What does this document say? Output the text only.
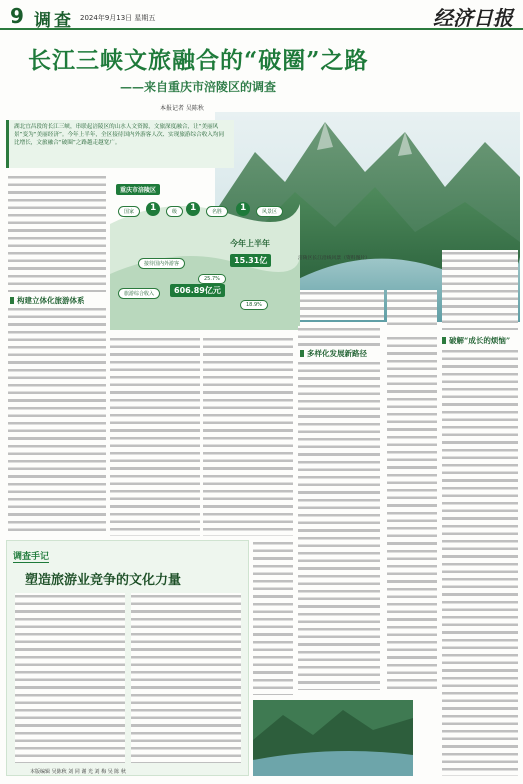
9 调查 2024年9月13日 星期五	经济日报
长江三峡文旅融合的“破圈”之路
——来自重庆市涪陵区的调查
本报记者 吴陈秋
湖北宜昌段的长江三峡，串联起涪陵区的山水人文资源，文旅深度融合，让“美丽风景”变为“美丽经济”。今年上半年，全区接待国内外游客人次、实现旅游综合收入均同比增长，文旅融合“破圈”之路越走越宽广。
构建立体化旅游体系
重庆市涪陵区
国家	1	级	1	名胜	1	风景区
今年上半年
接待国内外游客	15.31亿
25.7%
旅游综合收入	606.89亿元
18.9%
涪陵区长江沿线风景（资料图片）
多样化发展新路径
破解“成长的烦恼”
调查手记
塑造旅游业竞争的文化力量
本版编辑 吴陈秋 刘 同 谢 光 刘 梅 吴 陈 秋
